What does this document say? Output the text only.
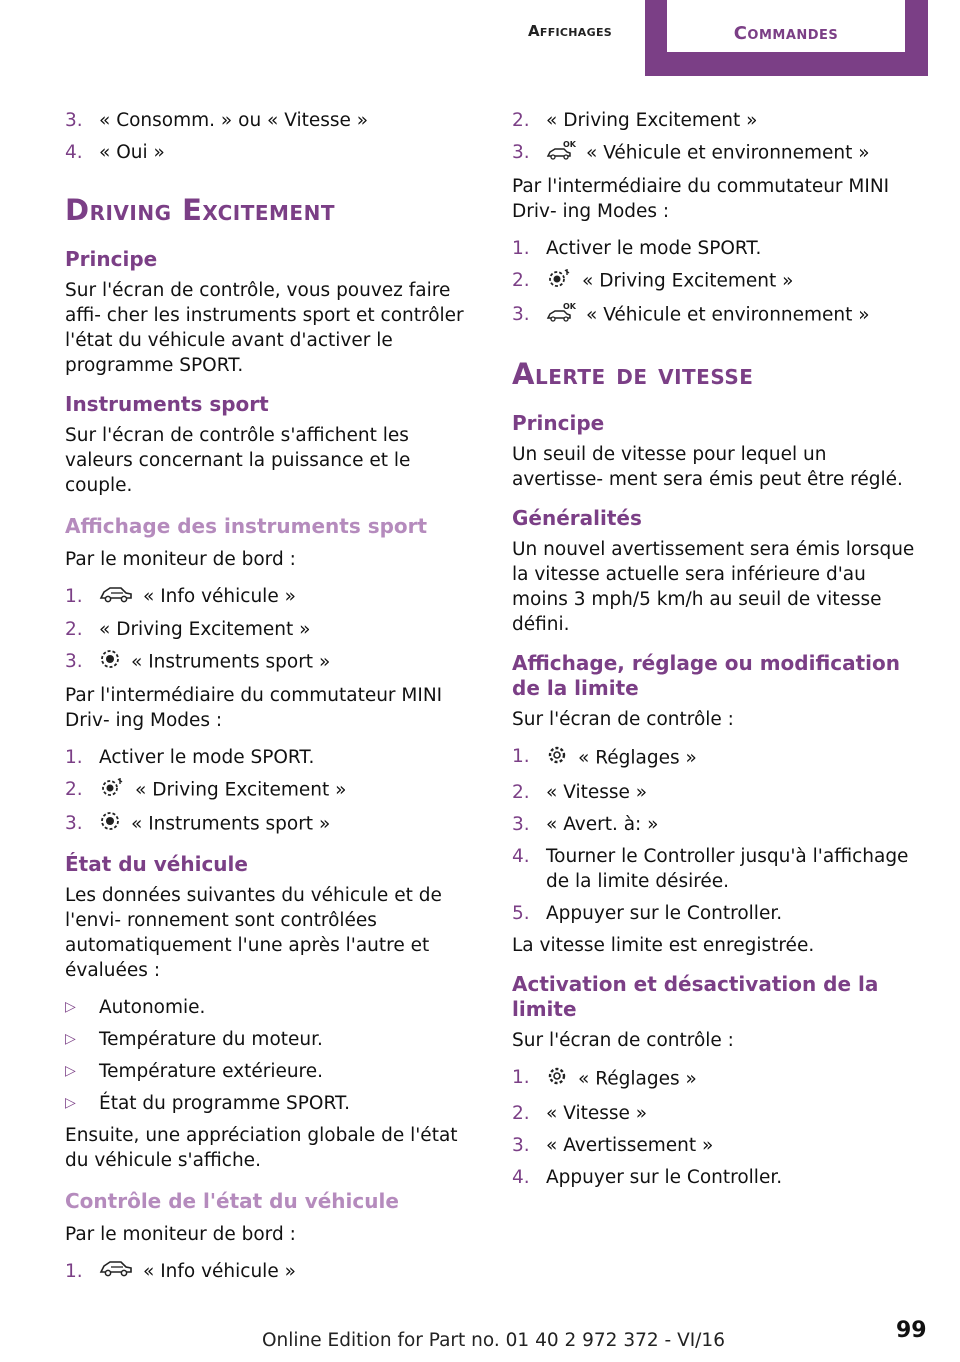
Affichages	Commandes
3. « Consomm. » ou « Vitesse »
4. « Oui »
Driving Excitement
Principe

Sur l'écran de contrôle, vous pouvez faire affi‐ cher les instruments sport et contrôler l'état du véhicule avant d'activer le programme SPORT.

Instruments sport

Sur l'écran de contrôle s'affichent les valeurs concernant la puissance et le couple.

Affichage des instruments sport

Par le moniteur de bord :

1.	« Info véhicule »
2. « Driving Excitement »
3.	« Instruments sport »

Par l'intermédiaire du commutateur MINI Driv‐ ing Modes :

1. Activer le mode SPORT.
2.	« Driving Excitement »
3.	« Instruments sport »
État du véhicule

Les données suivantes du véhicule et de l'envi‐ ronnement sont contrôlées automatiquement l'une après l'autre et évaluées :

▷	Autonomie.
▷	Température du moteur.
▷	Température extérieure.
▷	État du programme SPORT.

Ensuite, une appréciation globale de l'état du véhicule s'affiche.

Contrôle de l'état du véhicule

Par le moniteur de bord :

1.	« Info véhicule »
2. « Driving Excitement »
3.	OK « Véhicule et environnement »

Par l'intermédiaire du commutateur MINI Driv‐ ing Modes :

1. Activer le mode SPORT.
2.	« Driving Excitement »
3.	OK « Véhicule et environnement »
Alerte de vitesse
Principe

Un seuil de vitesse pour lequel un avertisse‐ ment sera émis peut être réglé.

Généralités

Un nouvel avertissement sera émis lorsque la vitesse actuelle sera inférieure d'au moins 3 mph/5 km/h au seuil de vitesse défini.

Affichage, réglage ou modification de la limite

Sur l'écran de contrôle :

1.	« Réglages »
2. « Vitesse »
3. « Avert. à: »
4. Tourner le Controller jusqu'à l'affichage de la limite désirée.
5. Appuyer sur le Controller.

La vitesse limite est enregistrée.

Activation et désactivation de la limite

Sur l'écran de contrôle :

1.	« Réglages »
2. « Vitesse »
3. « Avertissement »
4. Appuyer sur le Controller.
Online Edition for Part no. 01 40 2 972 372 - VI/16	99
